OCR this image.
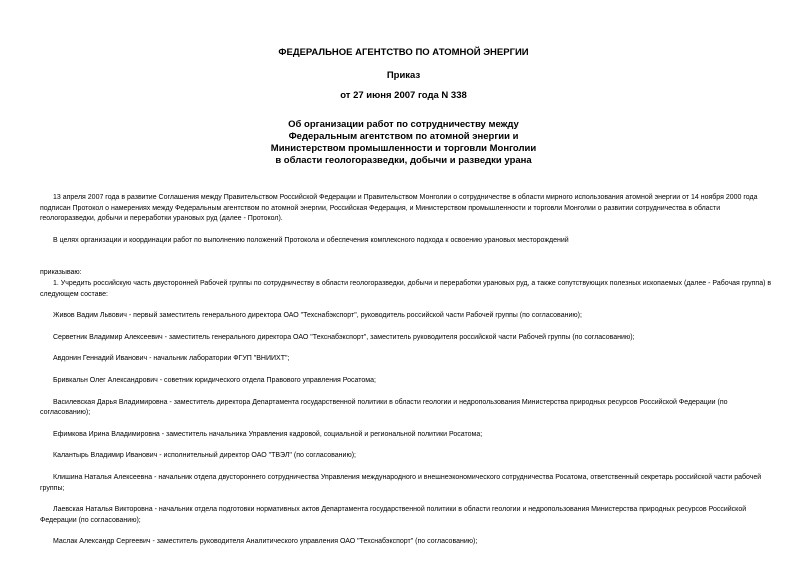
ФЕДЕРАЛЬНОЕ АГЕНТСТВО ПО АТОМНОЙ ЭНЕРГИИ
Приказ
от 27 июня 2007 года N 338
Об организации работ по сотрудничеству между
Федеральным агентством по атомной энергии и
Министерством промышленности и торговли Монголии
в области геологоразведки, добычи и разведки урана

13 апреля 2007 года в развитие Соглашения между Правительством Российской Федерации и Правительством Монголии о сотрудничестве в области мирного использования атомной энергии от 14 ноября 2000 года подписан Протокол о намерениях между Федеральным агентством по атомной энергии, Российская Федерация, и Министерством промышленности и торговли Монголии о развитии сотрудничества в области геологоразведки, добычи и переработки урановых руд (далее - Протокол).

В целях организации и координации работ по выполнению положений Протокола и обеспечения комплексного подхода к освоению урановых месторождений

приказываю:

1. Учредить российскую часть двусторонней Рабочей группы по сотрудничеству в области геологоразведки, добычи и переработки урановых руд, а также сопутствующих полезных ископаемых (далее - Рабочая группа) в следующем составе:

Живов Вадим Львович - первый заместитель генерального директора ОАО "Техснабэкспорт", руководитель российской части Рабочей группы (по согласованию);

Серветник Владимир Алексеевич - заместитель генерального директора ОАО "Техснабэкспорт", заместитель руководителя российской части Рабочей группы (по согласованию);

Авдонин Геннадий Иванович - начальник лаборатории ФГУП "ВНИИХТ";

Бривкальн Олег Александрович - советник юридического отдела Правового управления Росатома;

Василевская Дарья Владимировна - заместитель директора Департамента государственной политики в области геологии и недропользования Министерства природных ресурсов Российской Федерации (по согласованию);

Ефимкова Ирина Владимировна - заместитель начальника Управления кадровой, социальной и региональной политики Росатома;

Калантырь Владимир Иванович - исполнительный директор ОАО "ТВЭЛ" (по согласованию);

Клишина Наталья Алексеевна - начальник отдела двустороннего сотрудничества Управления международного и внешнеэкономического сотрудничества Росатома, ответственный секретарь российской части рабочей группы;

Лаевская Наталья Викторовна - начальник отдела подготовки нормативных актов Департамента государственной политики в области геологии и недропользования Министерства природных ресурсов Российской Федерации (по согласованию);

Маслак Александр Сергеевич - заместитель руководителя Аналитического управления ОАО "Техснабэкспорт" (по согласованию);
